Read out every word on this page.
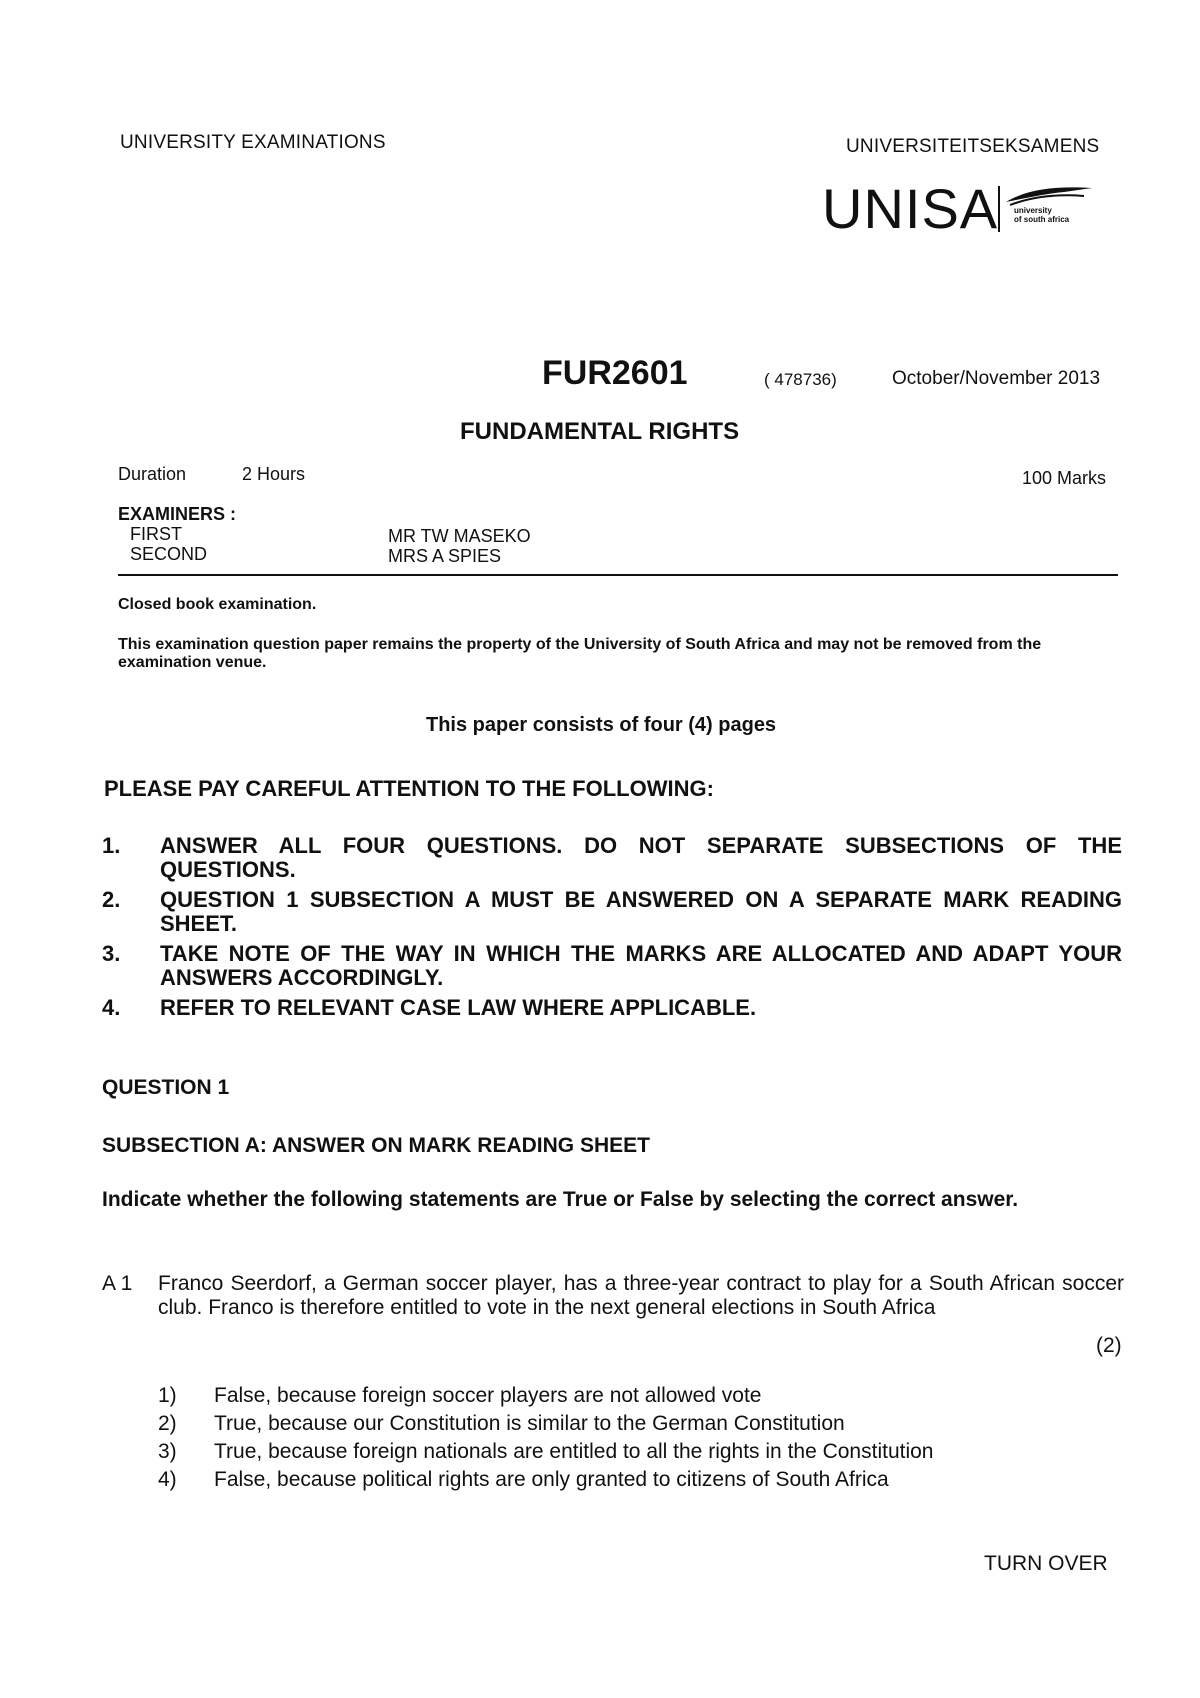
UNIVERSITY EXAMINATIONS	UNIVERSITEITSEKSAMENS
UNISA university
of south africa
FUR2601	( 478736)	October/November 2013
FUNDAMENTAL RIGHTS
Duration	2 Hours	100 Marks
EXAMINERS :
FIRST	MR TW MASEKO
SECOND	MRS A SPIES
Closed book examination.
This examination question paper remains the property of the University of South Africa and may not be removed from the examination venue.
This paper consists of four (4) pages
PLEASE PAY CAREFUL ATTENTION TO THE FOLLOWING:
1. ANSWER ALL FOUR QUESTIONS. DO NOT SEPARATE SUBSECTIONS OF THE QUESTIONS.
2. QUESTION 1 SUBSECTION A MUST BE ANSWERED ON A SEPARATE MARK READING SHEET.
3. TAKE NOTE OF THE WAY IN WHICH THE MARKS ARE ALLOCATED AND ADAPT YOUR ANSWERS ACCORDINGLY.
4. REFER TO RELEVANT CASE LAW WHERE APPLICABLE.
QUESTION 1
SUBSECTION A: ANSWER ON MARK READING SHEET
Indicate whether the following statements are True or False by selecting the correct answer.
A 1 Franco Seerdorf, a German soccer player, has a three-year contract to play for a South African soccer club. Franco is therefore entitled to vote in the next general elections in South Africa
(2)
1) False, because foreign soccer players are not allowed vote
2) True, because our Constitution is similar to the German Constitution
3) True, because foreign nationals are entitled to all the rights in the Constitution
4) False, because political rights are only granted to citizens of South Africa
TURN OVER
